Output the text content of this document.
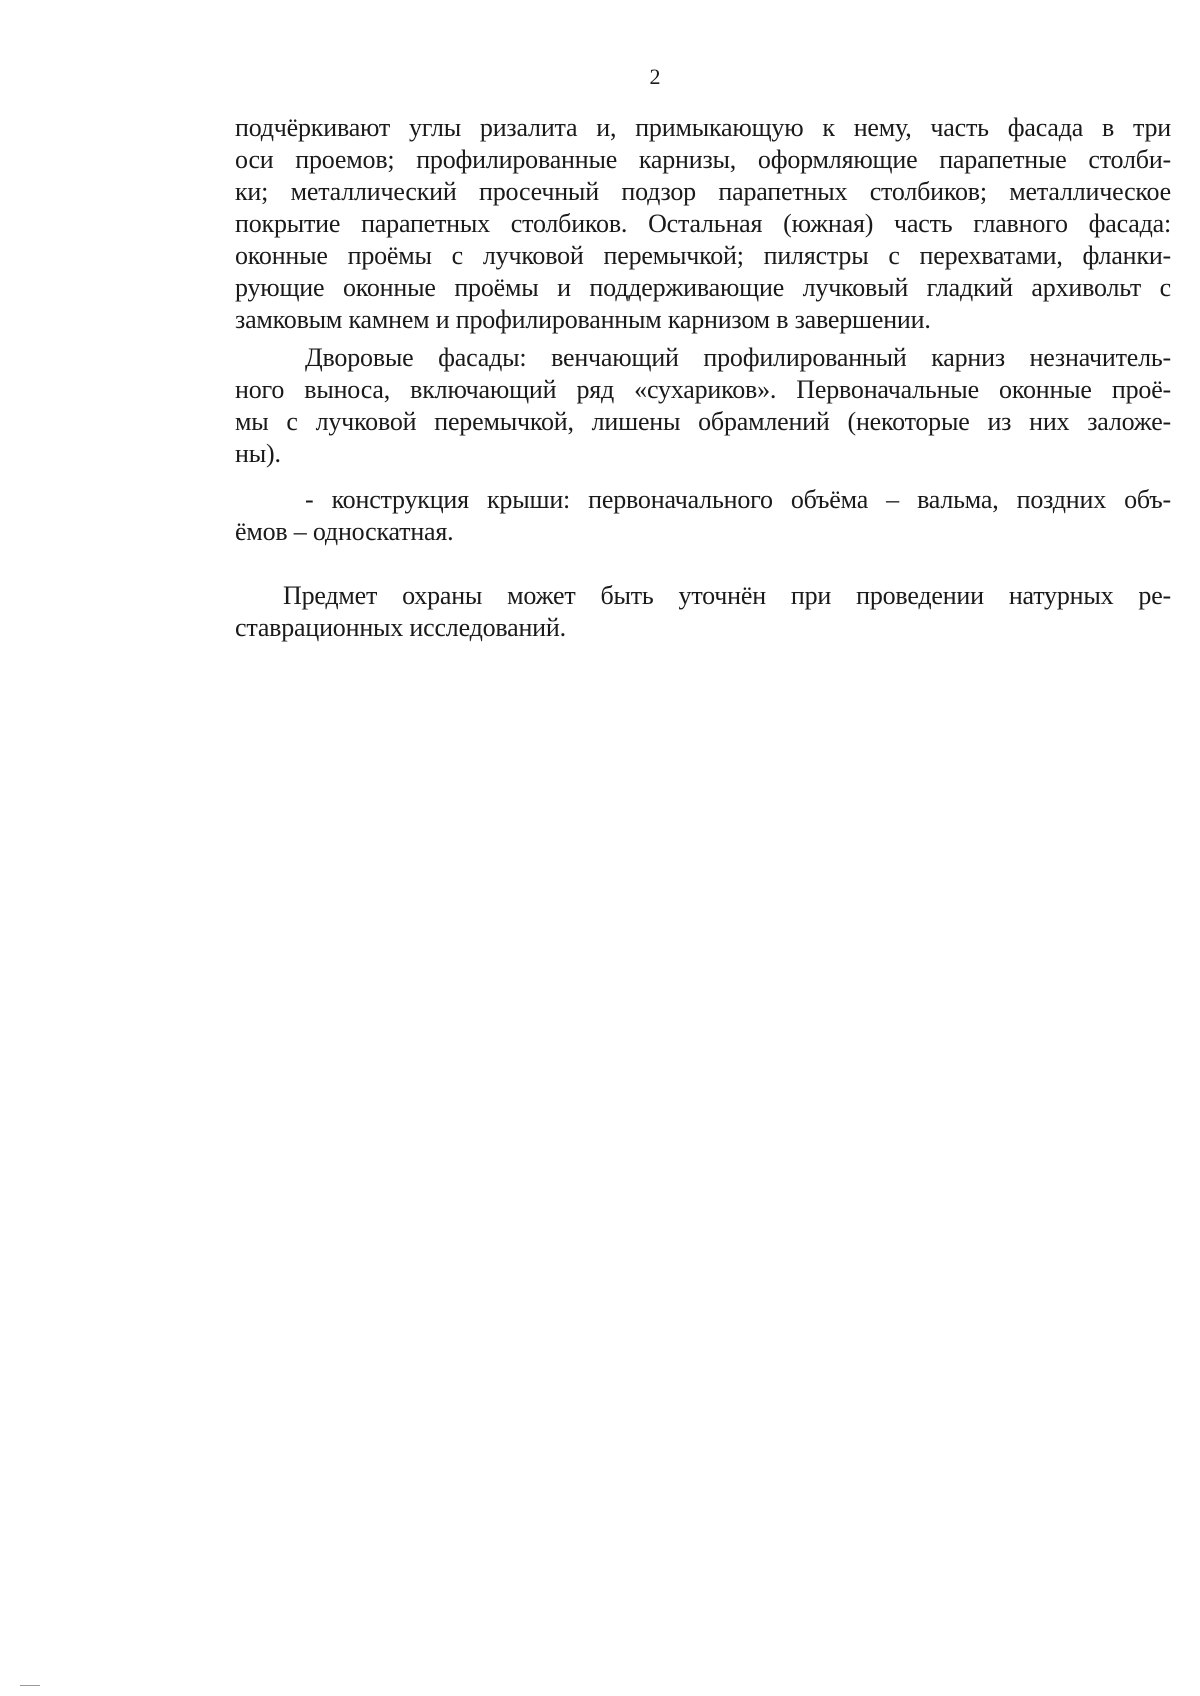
2

подчёркивают углы ризалита и, примыкающую к нему, часть фасада в три
оси проемов; профилированные карнизы, оформляющие парапетные столби-
ки; металлический просечный подзор парапетных столбиков; металлическое
покрытие парапетных столбиков. Остальная (южная) часть главного фасада:
оконные проёмы с лучковой перемычкой; пилястры с перехватами, фланки-
рующие оконные проёмы и поддерживающие лучковый гладкий архивольт с
замковым камнем и профилированным карнизом в завершении.

Дворовые фасады: венчающий профилированный карниз незначитель-
ного выноса, включающий ряд «сухариков». Первоначальные оконные проё-
мы с лучковой перемычкой, лишены обрамлений (некоторые из них заложе-
ны).

- конструкция крыши: первоначального объёма – вальма, поздних объ-
ёмов – односкатная.

Предмет охраны может быть уточнён при проведении натурных ре-
ставрационных исследований.
